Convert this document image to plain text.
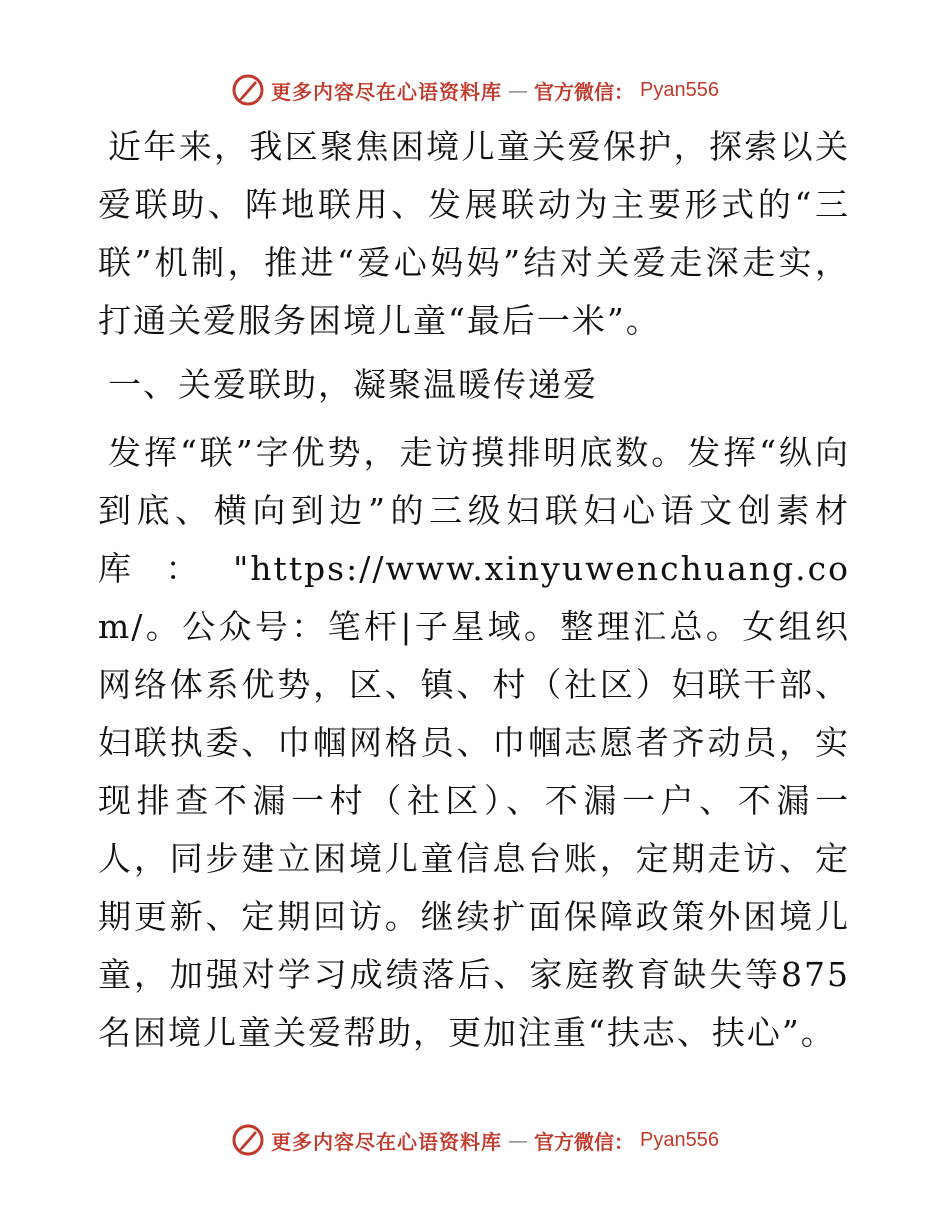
更多内容尽在心语资料库 — 官方微信： Pyan556

近年来，我区聚焦困境儿童关爱保护，探索以关爱联助、阵地联用、发展联动为主要形式的“三联”机制，推进“爱心妈妈”结对关爱走深走实，打通关爱服务困境儿童“最后一米”。

一、关爱联助，凝聚温暖传递爱

发挥“联”字优势，走访摸排明底数。发挥“纵向到底、横向到边”的三级妇联妇心语文创素材库："https://www.xinyuwenchuang.com/。公众号：笔杆|子星域。整理汇总。女组织网络体系优势，区、镇、村（社区）妇联干部、妇联执委、巾帼网格员、巾帼志愿者齐动员，实现排查不漏一村（社区）、不漏一户、不漏一人，同步建立困境儿童信息台账，定期走访、定期更新、定期回访。继续扩面保障政策外困境儿童，加强对学习成绩落后、家庭教育缺失等875名困境儿童关爱帮助，更加注重“扶志、扶心”。

更多内容尽在心语资料库 — 官方微信： Pyan556
